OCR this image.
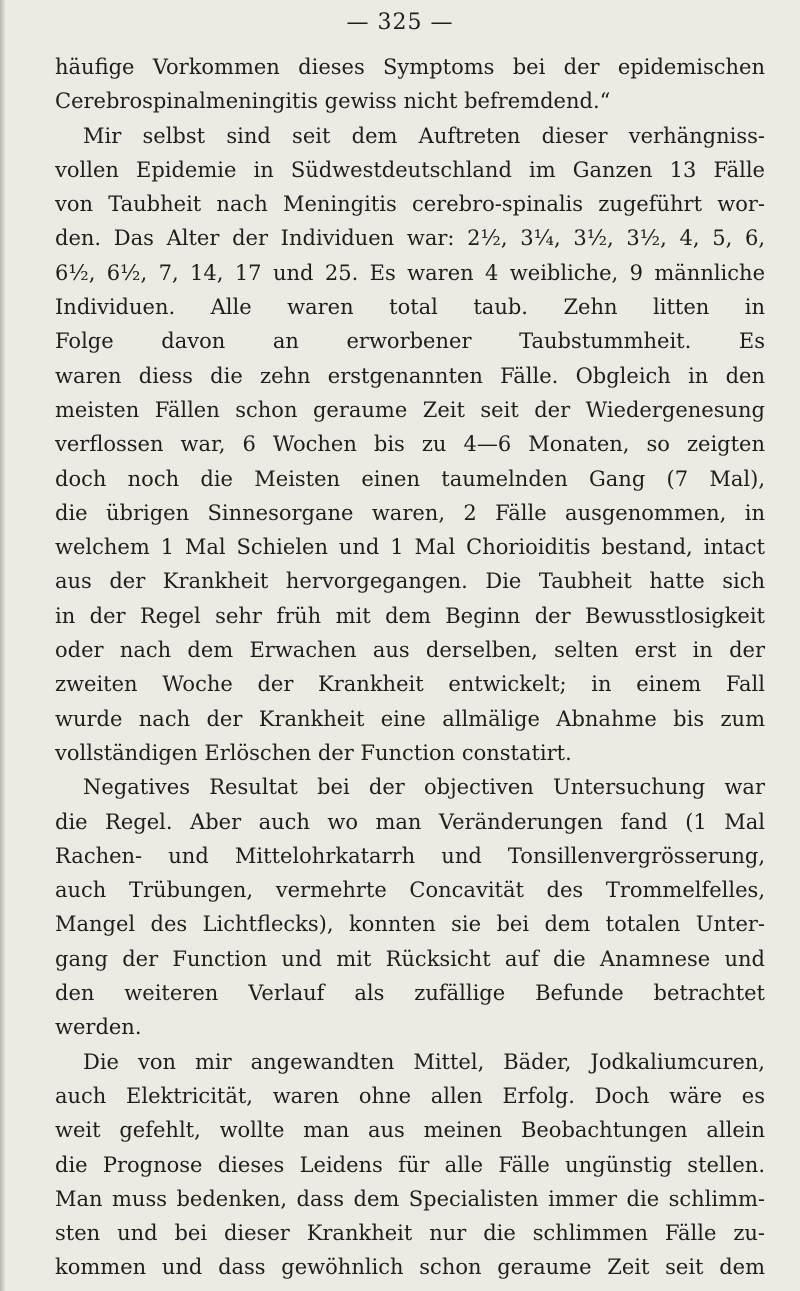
— 325 —
häufige Vorkommen dieses Symptoms bei der epidemischen
Cerebrospinalmeningitis gewiss nicht befremdend.“
Mir selbst sind seit dem Auftreten dieser verhängniss-
vollen Epidemie in Südwestdeutschland im Ganzen 13 Fälle
von Taubheit nach Meningitis cerebro-spinalis zugeführt wor-
den. Das Alter der Individuen war: 2½, 3¼, 3½, 3½, 4, 5, 6,
6½, 6½, 7, 14, 17 und 25. Es waren 4 weibliche, 9 männliche
Individuen. Alle waren total taub. Zehn litten in
Folge davon an erworbener Taubstummheit. Es
waren diess die zehn erstgenannten Fälle. Obgleich in den
meisten Fällen schon geraume Zeit seit der Wiedergenesung
verflossen war, 6 Wochen bis zu 4—6 Monaten, so zeigten
doch noch die Meisten einen taumelnden Gang (7 Mal),
die übrigen Sinnesorgane waren, 2 Fälle ausgenommen, in
welchem 1 Mal Schielen und 1 Mal Chorioiditis bestand, intact
aus der Krankheit hervorgegangen. Die Taubheit hatte sich
in der Regel sehr früh mit dem Beginn der Bewusstlosigkeit
oder nach dem Erwachen aus derselben, selten erst in der
zweiten Woche der Krankheit entwickelt; in einem Fall
wurde nach der Krankheit eine allmälige Abnahme bis zum
vollständigen Erlöschen der Function constatirt.
Negatives Resultat bei der objectiven Untersuchung war
die Regel. Aber auch wo man Veränderungen fand (1 Mal
Rachen- und Mittelohrkatarrh und Tonsillenvergrösserung,
auch Trübungen, vermehrte Concavität des Trommelfelles,
Mangel des Lichtflecks), konnten sie bei dem totalen Unter-
gang der Function und mit Rücksicht auf die Anamnese und
den weiteren Verlauf als zufällige Befunde betrachtet
werden.
Die von mir angewandten Mittel, Bäder, Jodkaliumcuren,
auch Elektricität, waren ohne allen Erfolg. Doch wäre es
weit gefehlt, wollte man aus meinen Beobachtungen allein
die Prognose dieses Leidens für alle Fälle ungünstig stellen.
Man muss bedenken, dass dem Specialisten immer die schlimm-
sten und bei dieser Krankheit nur die schlimmen Fälle zu-
kommen und dass gewöhnlich schon geraume Zeit seit dem
